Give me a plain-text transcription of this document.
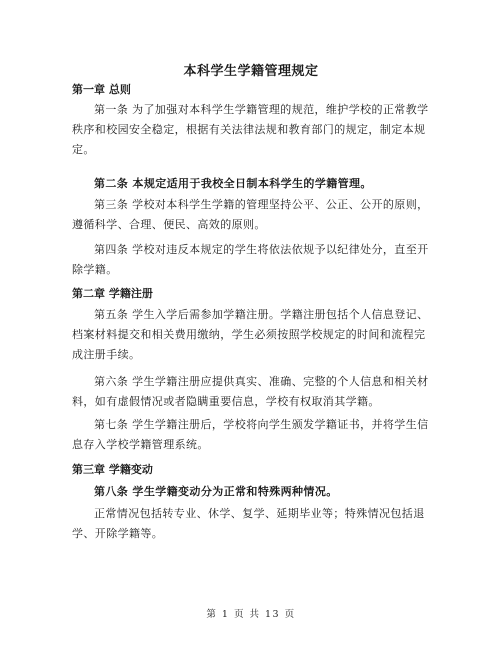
本科学生学籍管理规定
第一章 总则
第一条 为了加强对本科学生学籍管理的规范，维护学校的正常教学秩序和校园安全稳定，根据有关法律法规和教育部门的规定，制定本规定。
第二条 本规定适用于我校全日制本科学生的学籍管理。
第三条 学校对本科学生学籍的管理坚持公平、公正、公开的原则，遵循科学、合理、便民、高效的原则。
第四条 学校对违反本规定的学生将依法依规予以纪律处分，直至开除学籍。
第二章 学籍注册
第五条 学生入学后需参加学籍注册。学籍注册包括个人信息登记、档案材料提交和相关费用缴纳，学生必须按照学校规定的时间和流程完成注册手续。
第六条 学生学籍注册应提供真实、准确、完整的个人信息和相关材料，如有虚假情况或者隐瞒重要信息，学校有权取消其学籍。
第七条 学生学籍注册后，学校将向学生颁发学籍证书，并将学生信息存入学校学籍管理系统。
第三章 学籍变动
第八条 学生学籍变动分为正常和特殊两种情况。
正常情况包括转专业、休学、复学、延期毕业等；特殊情况包括退学、开除学籍等。
第 1 页 共 13 页
